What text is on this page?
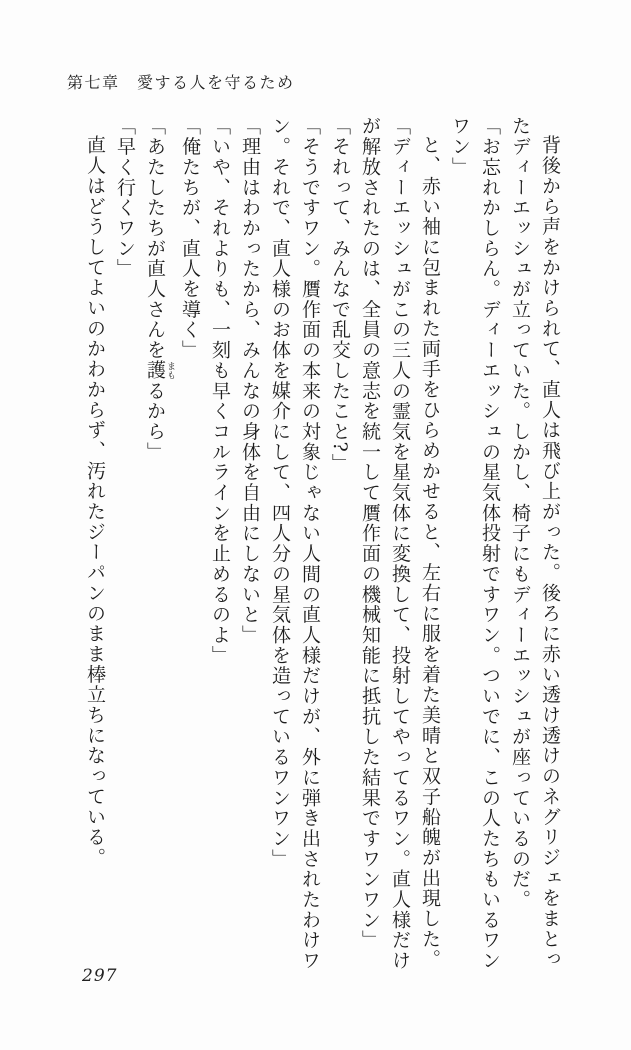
第七章　愛する人を守るため

背後から声をかけられて、直人は飛び上がった。後ろに赤い透け透けのネグリジェをまとっ

たディーエッシュが立っていた。しかし、椅子にもディーエッシュが座っているのだ。

「お忘れかしらん。ディーエッシュの星気体投射ですワン。ついでに、この人たちもいるワン

ワン」

と、赤い袖に包まれた両手をひらめかせると、左右に服を着た美晴と双子船魄が出現した。

「ディーエッシュがこの三人の霊気を星気体に変換して、投射してやってるワン。直人様だけ

が解放されたのは、全員の意志を統一して贋作面の機械知能に抵抗した結果ですワンワン」

「それって、みんなで乱交したこと?」

「そうですワン。贋作面の本来の対象じゃない人間の直人様だけが、外に弾き出されたわけワ

ン。それで、直人様のお体を媒介にして、四人分の星気体を造っているワンワン」

「理由はわかったから、みんなの身体を自由にしないと」

「いや、それよりも、一刻も早くコルラインを止めるのよ」

「俺たちが、直人を導く」

「あたしたちが直人さんを護 まもるから」

「早く行くワン」

直人はどうしてよいのかわからず、汚れたジーパンのまま棒立ちになっている。

297
